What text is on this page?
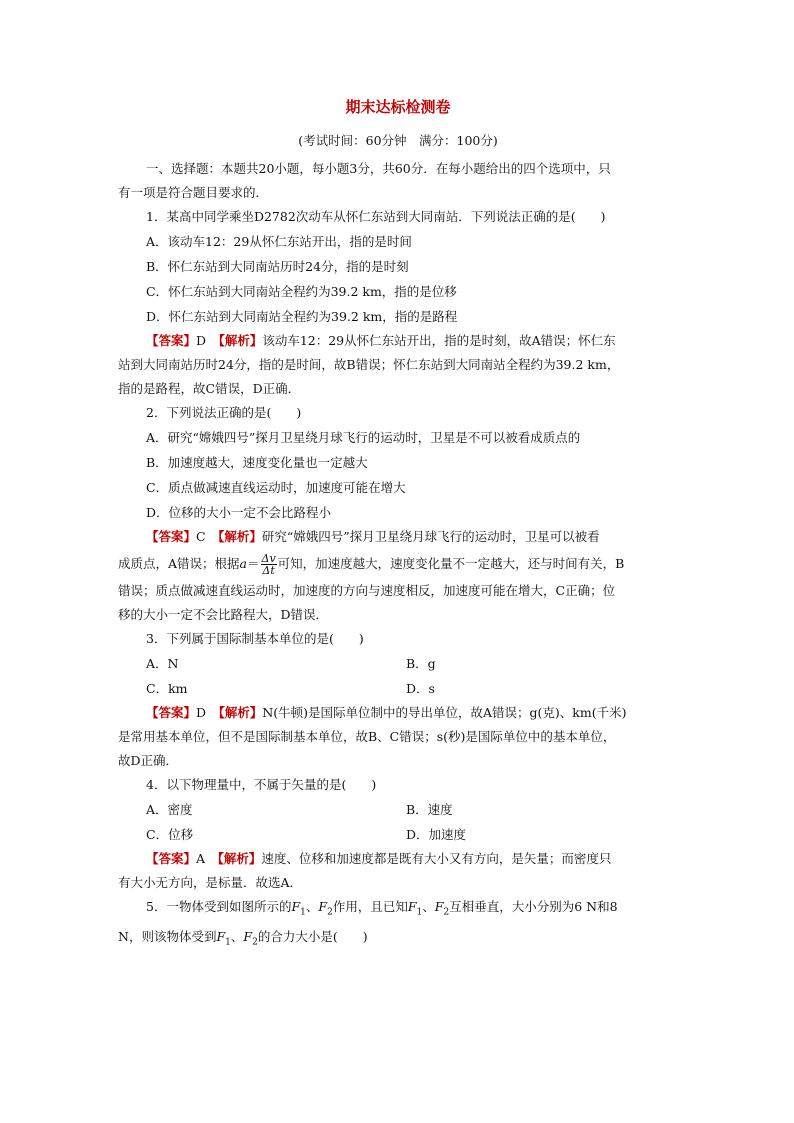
期末达标检测卷
(考试时间：60分钟　满分：100分)

一、选择题：本题共20小题，每小题3分，共60分．在每小题给出的四个选项中，只

有一项是符合题目要求的．

1．某高中同学乘坐D2782次动车从怀仁东站到大同南站．下列说法正确的是(　　)

A．该动车12：29从怀仁东站开出，指的是时间

B．怀仁东站到大同南站历时24分，指的是时刻

C．怀仁东站到大同南站全程约为39.2 km，指的是位移

D．怀仁东站到大同南站全程约为39.2 km，指的是路程

【答案】D　 【解析】该动车12：29从怀仁东站开出，指的是时刻，故A错误；怀仁东

站到大同南站历时24分，指的是时间，故B错误；怀仁东站到大同南站全程约为39.2 km，

指的是路程，故C错误，D正确．

2．下列说法正确的是(　　)

A．研究“嫦娥四号”探月卫星绕月球飞行的运动时，卫星是不可以被看成质点的

B．加速度越大，速度变化量也一定越大

C．质点做减速直线运动时，加速度可能在增大

D．位移的大小一定不会比路程小

【答案】C　 【解析】研究“嫦娥四号”探月卫星绕月球飞行的运动时，卫星可以被看

成质点，A错误；根据$a= \frac{\Delta v}{\Delta t}$ 可知，加速度越大，速度变化量不一定越大，还与时间有关，B

错误；质点做减速直线运动时，加速度的方向与速度相反，加速度可能在增大，C正确；位

移的大小一定不会比路程大，D错误．

3．下列属于国际制基本单位的是(　　)

A．N	B．g
C．km	D．s

【答案】D　 【解析】N(牛顿)是国际单位制中的导出单位，故A错误；g(克)、km(千米)

是常用基本单位，但不是国际制基本单位，故B、C错误；s(秒)是国际单位中的基本单位，

故D正确．

4．以下物理量中，不属于矢量的是(　　)

A．密度	B．速度
C．位移	D．加速度

【答案】A　 【解析】速度、位移和加速度都是既有大小又有方向，是矢量；而密度只

有大小无方向，是标量．故选A．

5．一物体受到如图所示的$F_1$、$F_2$作用，且已知$F_1$、$F_2$互相垂直，大小分别为6 N和8

N，则该物体受到$F_1$、$F_2$的合力大小是(　　)
